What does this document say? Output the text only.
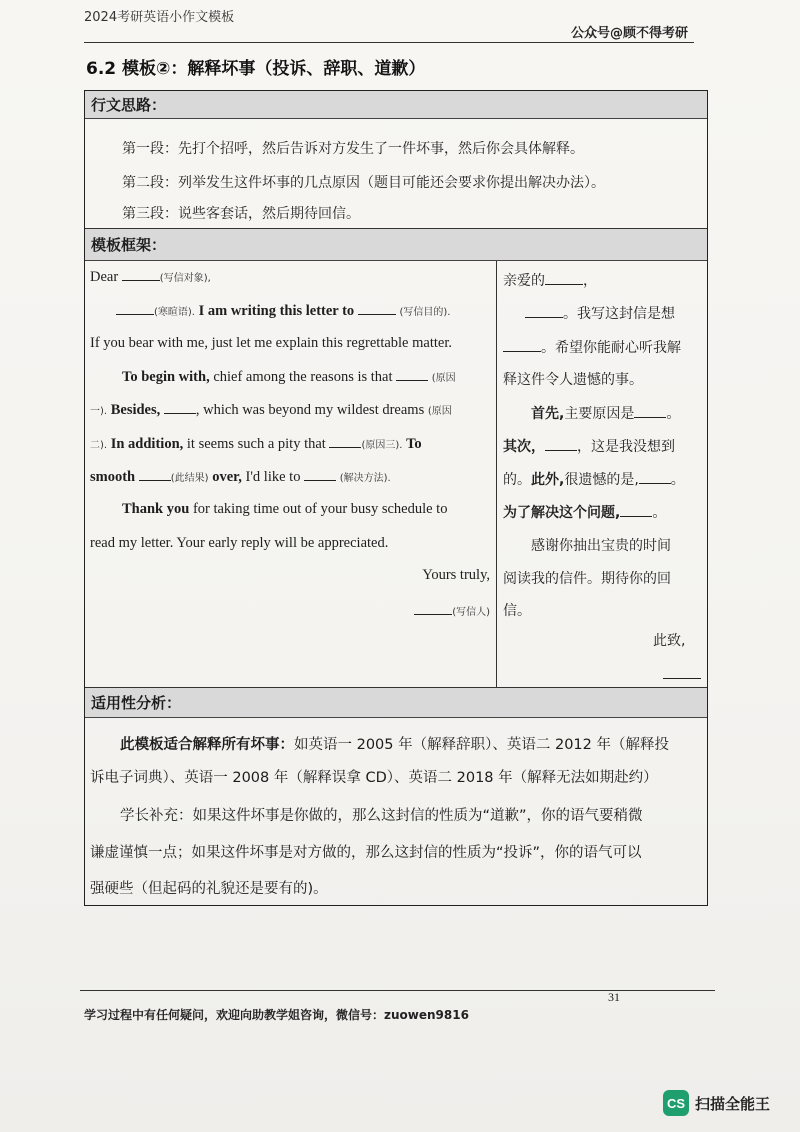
2024考研英语小作文模板
公众号@顾不得考研
6.2 模板②：解释坏事（投诉、辞职、道歉）
行文思路：
第一段：先打个招呼，然后告诉对方发生了一件坏事，然后你会具体解释。
第二段：列举发生这件坏事的几点原因（题目可能还会要求你提出解决办法）。
第三段：说些客套话，然后期待回信。
模板框架：
Dear	(写信对象),
(寒暄语). I am writing this letter to	(写信目的).
If you bear with me, just let me explain this regrettable matter.
To begin with, chief among the reasons is that	(原因
一). Besides, , which was beyond my wildest dreams (原因
二). In addition, it seems such a pity that	(原因三). To
smooth	(此结果) over, I'd like to	(解决方法).
Thank you for taking time out of your busy schedule to
read my letter. Your early reply will be appreciated.
Yours truly,
(写信人)
亲爱的	，
。我写这封信是想
。希望你能耐心听我解
释这件令人遗憾的事。
首先,主要原因是 。
其次， ，这是我没想到
的。此外,很遗憾的是, 。
为了解决这个问题, 。
感谢你抽出宝贵的时间
阅读我的信件。期待你的回
信。
此致,
适用性分析：
此模板适合解释所有坏事：如英语一 2005 年（解释辞职）、英语二 2012 年（解释投
诉电子词典）、英语一 2008 年（解释误拿 CD）、英语二 2018 年（解释无法如期赴约）
学长补充：如果这件坏事是你做的，那么这封信的性质为“道歉”，你的语气要稍微
谦虚谨慎一点；如果这件坏事是对方做的，那么这封信的性质为“投诉”，你的语气可以
强硬些（但起码的礼貌还是要有的)。
31
学习过程中有任何疑问，欢迎向助教学姐咨询，微信号：zuowen9816
CS 扫描全能王
